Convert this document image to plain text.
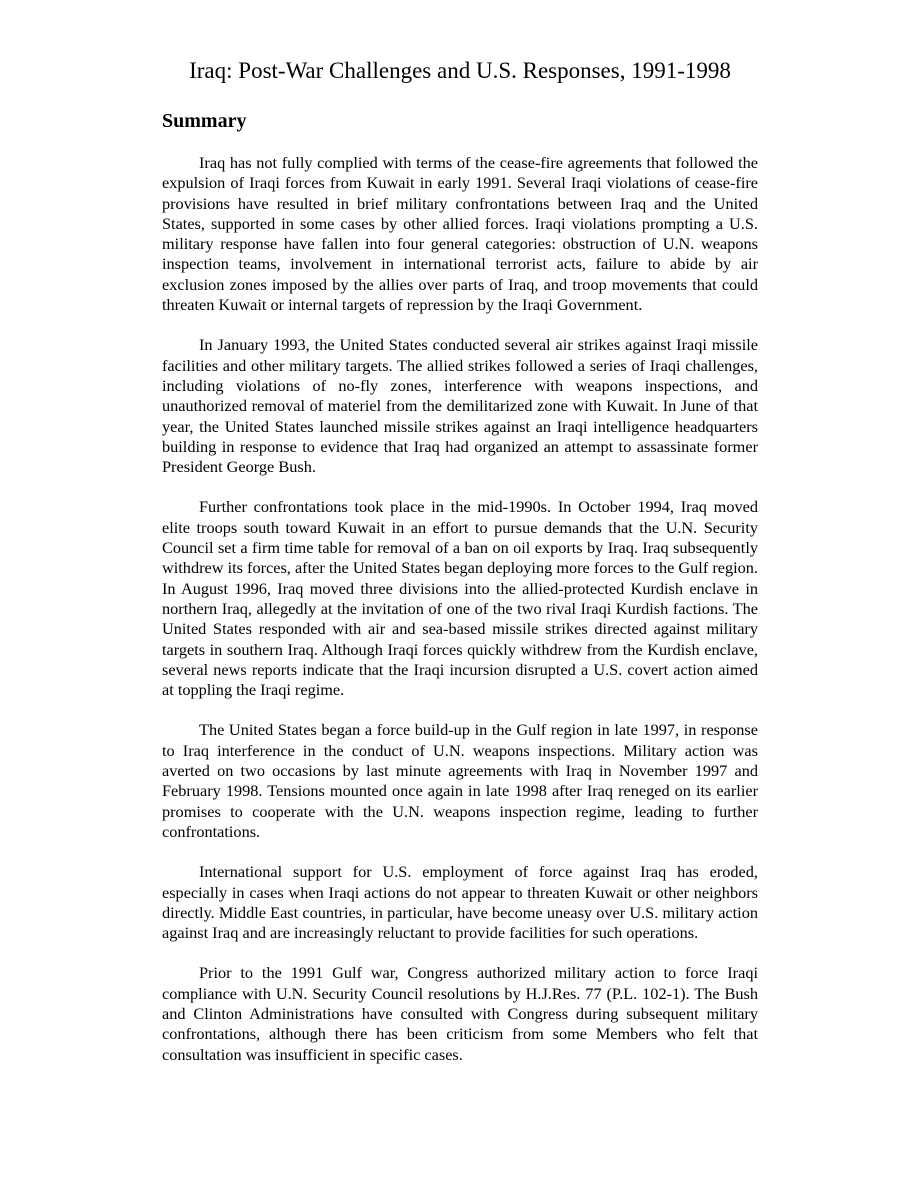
Iraq: Post-War Challenges and U.S. Responses, 1991-1998
Summary

Iraq has not fully complied with terms of the cease-fire agreements that followed the expulsion of Iraqi forces from Kuwait in early 1991. Several Iraqi violations of cease-fire provisions have resulted in brief military confrontations between Iraq and the United States, supported in some cases by other allied forces. Iraqi violations prompting a U.S. military response have fallen into four general categories: obstruction of U.N. weapons inspection teams, involvement in international terrorist acts, failure to abide by air exclusion zones imposed by the allies over parts of Iraq, and troop movements that could threaten Kuwait or internal targets of repression by the Iraqi Government.

In January 1993, the United States conducted several air strikes against Iraqi missile facilities and other military targets. The allied strikes followed a series of Iraqi challenges, including violations of no-fly zones, interference with weapons inspections, and unauthorized removal of materiel from the demilitarized zone with Kuwait. In June of that year, the United States launched missile strikes against an Iraqi intelligence headquarters building in response to evidence that Iraq had organized an attempt to assassinate former President George Bush.

Further confrontations took place in the mid-1990s. In October 1994, Iraq moved elite troops south toward Kuwait in an effort to pursue demands that the U.N. Security Council set a firm time table for removal of a ban on oil exports by Iraq. Iraq subsequently withdrew its forces, after the United States began deploying more forces to the Gulf region. In August 1996, Iraq moved three divisions into the allied-protected Kurdish enclave in northern Iraq, allegedly at the invitation of one of the two rival Iraqi Kurdish factions. The United States responded with air and sea-based missile strikes directed against military targets in southern Iraq. Although Iraqi forces quickly withdrew from the Kurdish enclave, several news reports indicate that the Iraqi incursion disrupted a U.S. covert action aimed at toppling the Iraqi regime.

The United States began a force build-up in the Gulf region in late 1997, in response to Iraq interference in the conduct of U.N. weapons inspections. Military action was averted on two occasions by last minute agreements with Iraq in November 1997 and February 1998. Tensions mounted once again in late 1998 after Iraq reneged on its earlier promises to cooperate with the U.N. weapons inspection regime, leading to further confrontations.

International support for U.S. employment of force against Iraq has eroded, especially in cases when Iraqi actions do not appear to threaten Kuwait or other neighbors directly. Middle East countries, in particular, have become uneasy over U.S. military action against Iraq and are increasingly reluctant to provide facilities for such operations.

Prior to the 1991 Gulf war, Congress authorized military action to force Iraqi compliance with U.N. Security Council resolutions by H.J.Res. 77 (P.L. 102-1). The Bush and Clinton Administrations have consulted with Congress during subsequent military confrontations, although there has been criticism from some Members who felt that consultation was insufficient in specific cases.
